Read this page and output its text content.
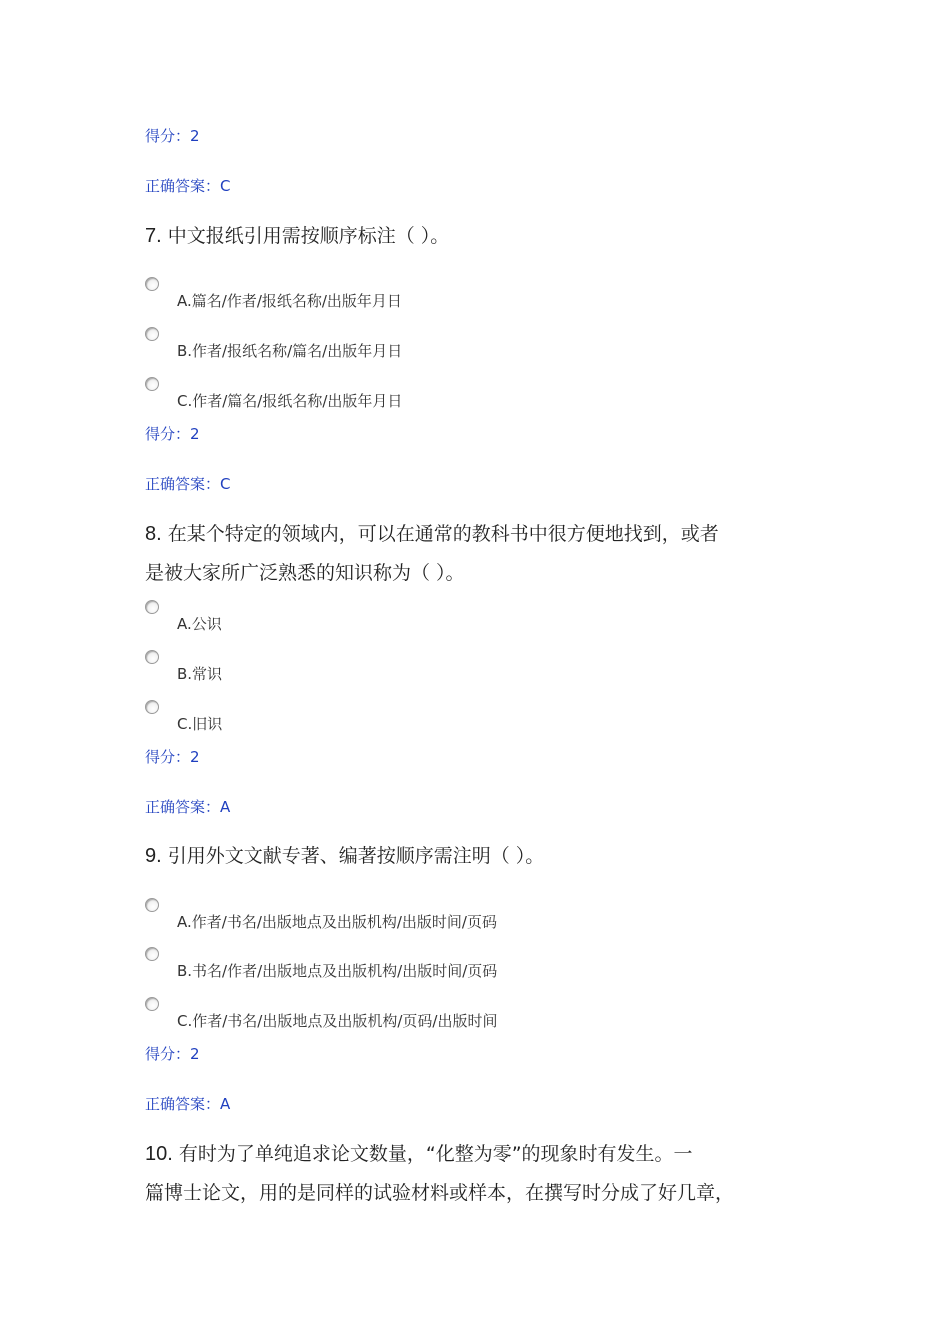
得分：2
正确答案：C
7. 中文报纸引用需按顺序标注（ ）。
A.篇名/作者/报纸名称/出版年月日
B.作者/报纸名称/篇名/出版年月日
C.作者/篇名/报纸名称/出版年月日
得分：2
正确答案：C
8. 在某个特定的领域内，可以在通常的教科书中很方便地找到，或者
是被大家所广泛熟悉的知识称为（ ）。
A.公识
B.常识
C.旧识
得分：2
正确答案：A
9. 引用外文文献专著、编著按顺序需注明（ ）。
A.作者/书名/出版地点及出版机构/出版时间/页码
B.书名/作者/出版地点及出版机构/出版时间/页码
C.作者/书名/出版地点及出版机构/页码/出版时间
得分：2
正确答案：A
10. 有时为了单纯追求论文数量，“化整为零”的现象时有发生。一
篇博士论文，用的是同样的试验材料或样本，在撰写时分成了好几章，
